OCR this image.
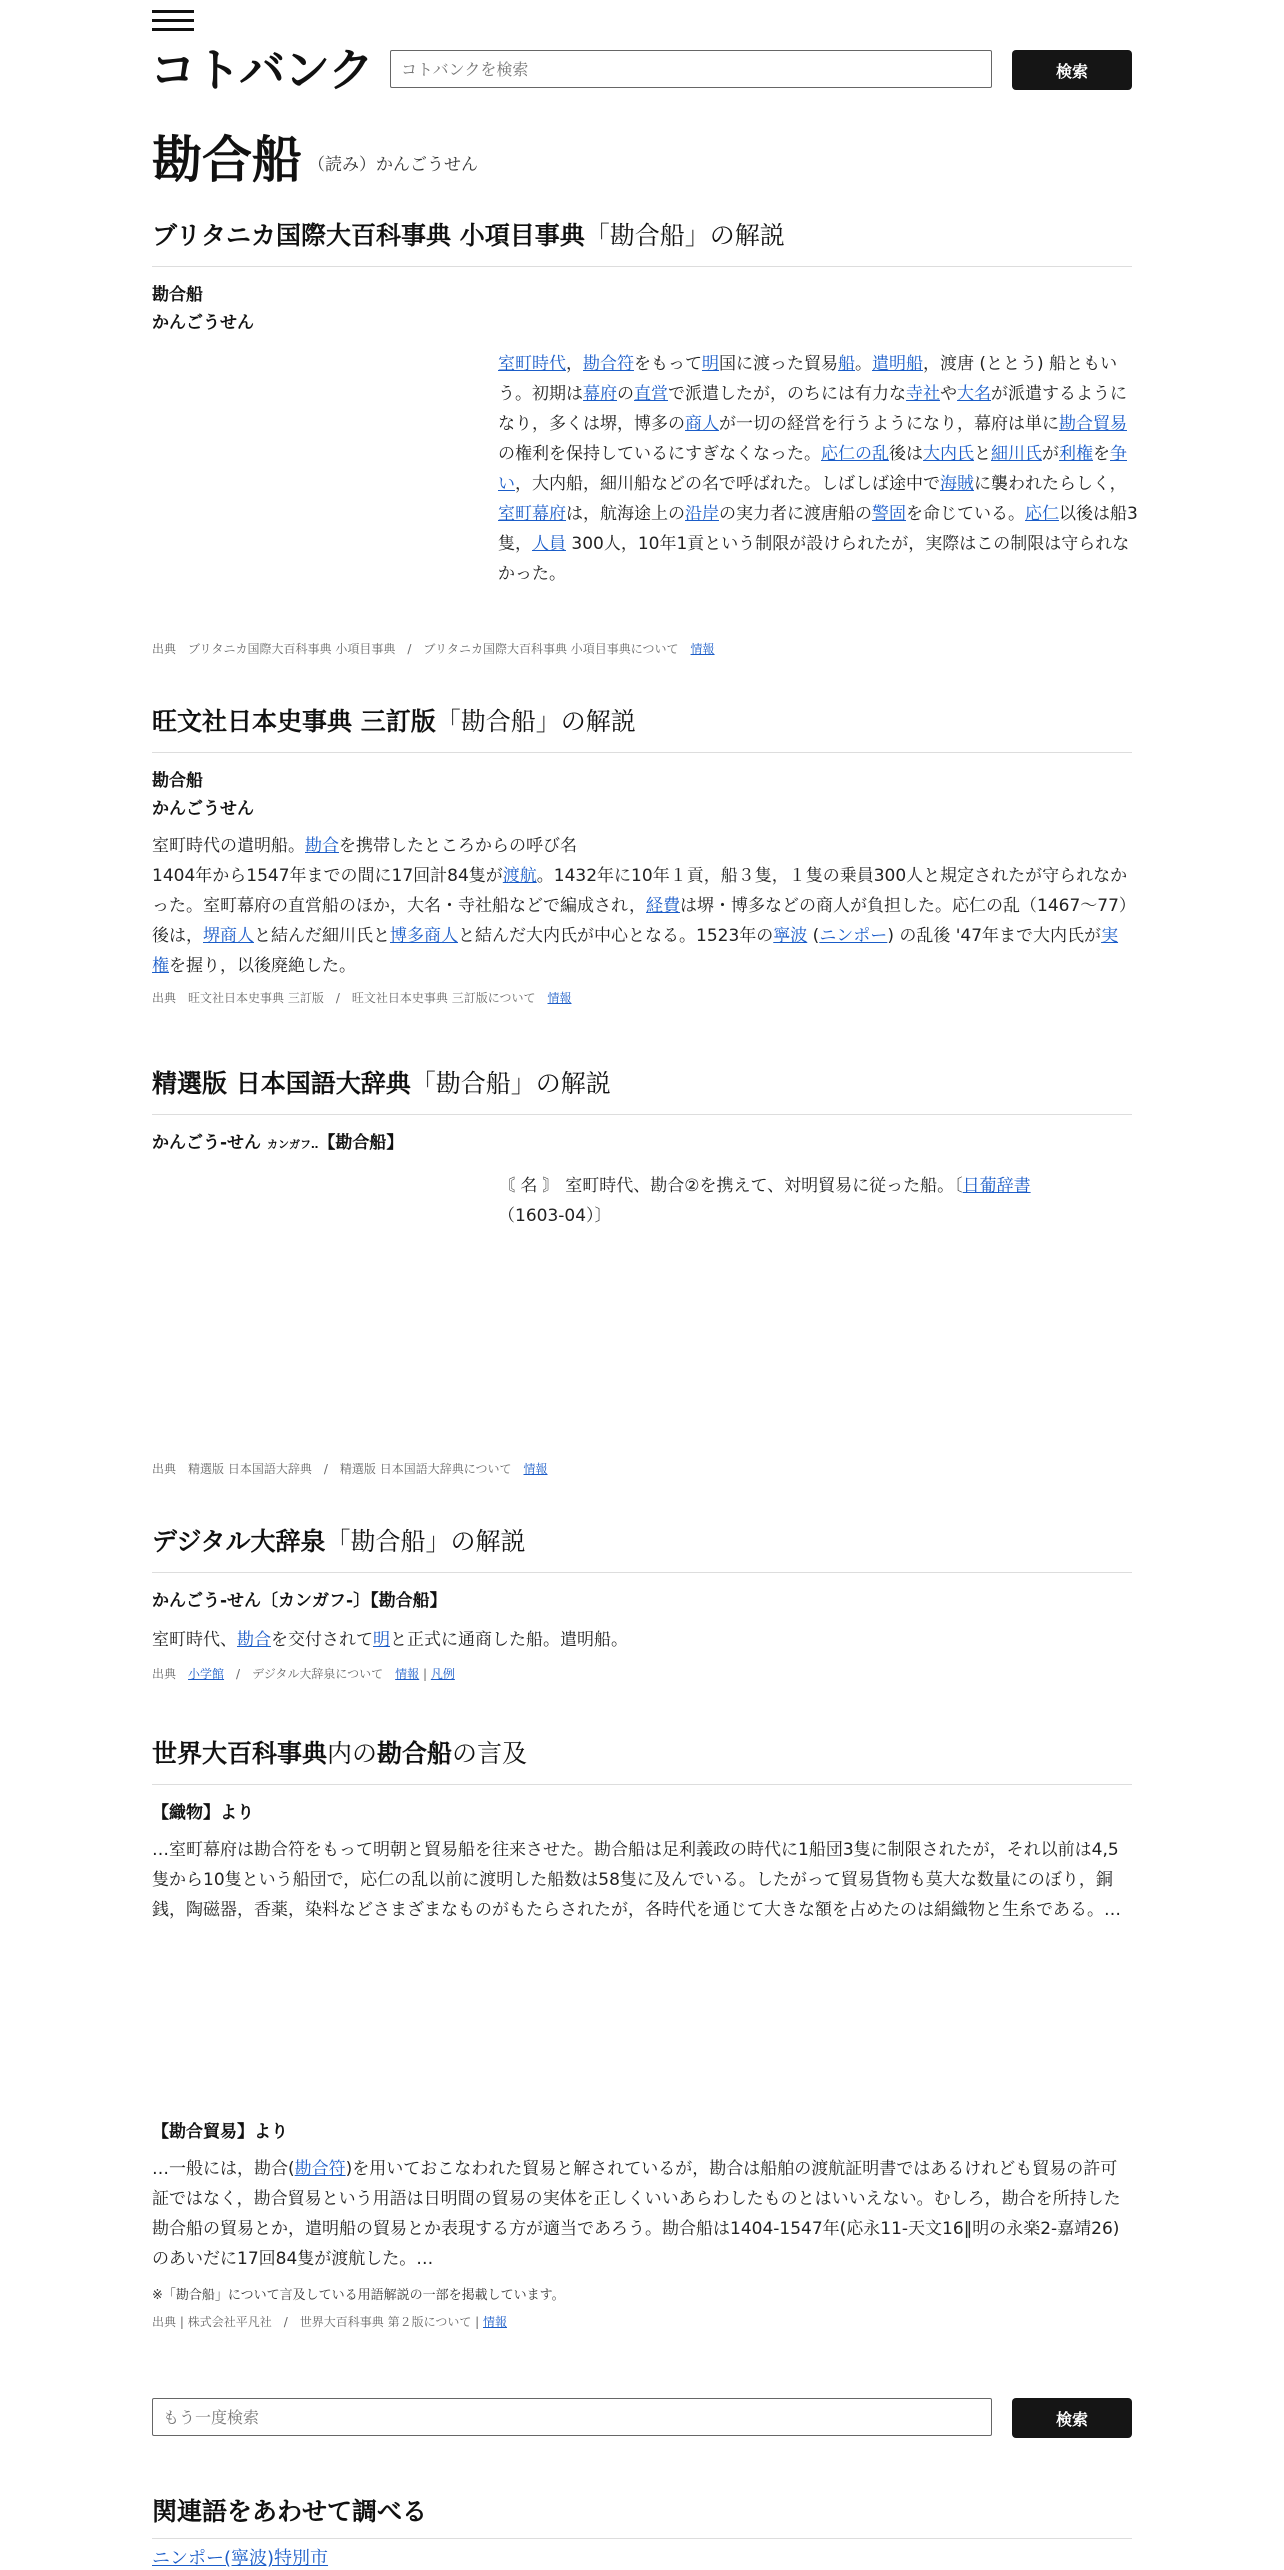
コトバンク
コトバンクを検索	検索
勘合船 （読み）かんごうせん
ブリタニカ国際大百科事典 小項目事典「勘合船」の解説
勘合船
かんごうせん
室町時代，勘合符をもって明国に渡った貿易船。遣明船，渡唐 (ととう) 船ともいう。初期は幕府の直営で派遣したが，のちには有力な寺社や大名が派遣するようになり，多くは堺，博多の商人が一切の経営を行うようになり，幕府は単に勘合貿易の権利を保持しているにすぎなくなった。応仁の乱後は大内氏と細川氏が利権を争い，大内船，細川船などの名で呼ばれた。しばしば途中で海賊に襲われたらしく，室町幕府は，航海途上の沿岸の実力者に渡唐船の警固を命じている。応仁以後は船3隻，人員 300人，10年1貢という制限が設けられたが，実際はこの制限は守られなかった。
出典　 ブリタニカ国際大百科事典 小項目事典　/　ブリタニカ国際大百科事典 小項目事典について　 情報
旺文社日本史事典 三訂版「勘合船」の解説
勘合船
かんごうせん
室町時代の遣明船。勘合を携帯したところからの呼び名
1404年から1547年までの間に17回計84隻が渡航。1432年に10年１貢，船３隻，１隻の乗員300人と規定されたが守られなかった。室町幕府の直営船のほか，大名・寺社船などで編成され，経費は堺・博多などの商人が負担した。応仁の乱（1467〜77）後は，堺商人と結んだ細川氏と博多商人と結んだ大内氏が中心となる。1523年の寧波 (ニンポー) の乱後 '47年まで大内氏が実権を握り，以後廃絶した。
出典　 旺文社日本史事典 三訂版　/　旺文社日本史事典 三訂版について　 情報
精選版 日本国語大辞典「勘合船」の解説
かんごう-せん カンガフ‥【勘合船】
〘 名 〙 室町時代、勘合②を携えて、対明貿易に従った船。〔日葡辞書（1603‐04）〕
出典　 精選版 日本国語大辞典　/　精選版 日本国語大辞典について　 情報
デジタル大辞泉「勘合船」の解説
かんごう-せん〔カンガフ-〕【勘合船】
室町時代、勘合を交付されて明と正式に通商した船。遣明船。
出典　 小学館　/　デジタル大辞泉について　 情報 | 凡例
世界大百科事典内の勘合船の言及
【織物】より
…室町幕府は勘合符をもって明朝と貿易船を往来させた。勘合船は足利義政の時代に1船団3隻に制限されたが，それ以前は4,5隻から10隻という船団で，応仁の乱以前に渡明した船数は58隻に及んでいる。したがって貿易貨物も莫大な数量にのぼり，銅銭，陶磁器，香薬，染料などさまざまなものがもたらされたが，各時代を通じて大きな額を占めたのは絹織物と生糸である。…
【勘合貿易】より
…一般には，勘合(勘合符)を用いておこなわれた貿易と解されているが，勘合は船舶の渡航証明書ではあるけれども貿易の許可証ではなく，勘合貿易という用語は日明間の貿易の実体を正しくいいあらわしたものとはいいえない。むしろ，勘合を所持した勘合船の貿易とか，遣明船の貿易とか表現する方が適当であろう。勘合船は1404‐1547年(応永11‐天文16‖明の永楽2‐嘉靖26)のあいだに17回84隻が渡航した。…
※「勘合船」について言及している用語解説の一部を掲載しています。
出典 | 株式会社平凡社　/　世界大百科事典 第２版について | 情報
もう一度検索
検索
関連語をあわせて調べる
ニンポー(寧波)特別市
